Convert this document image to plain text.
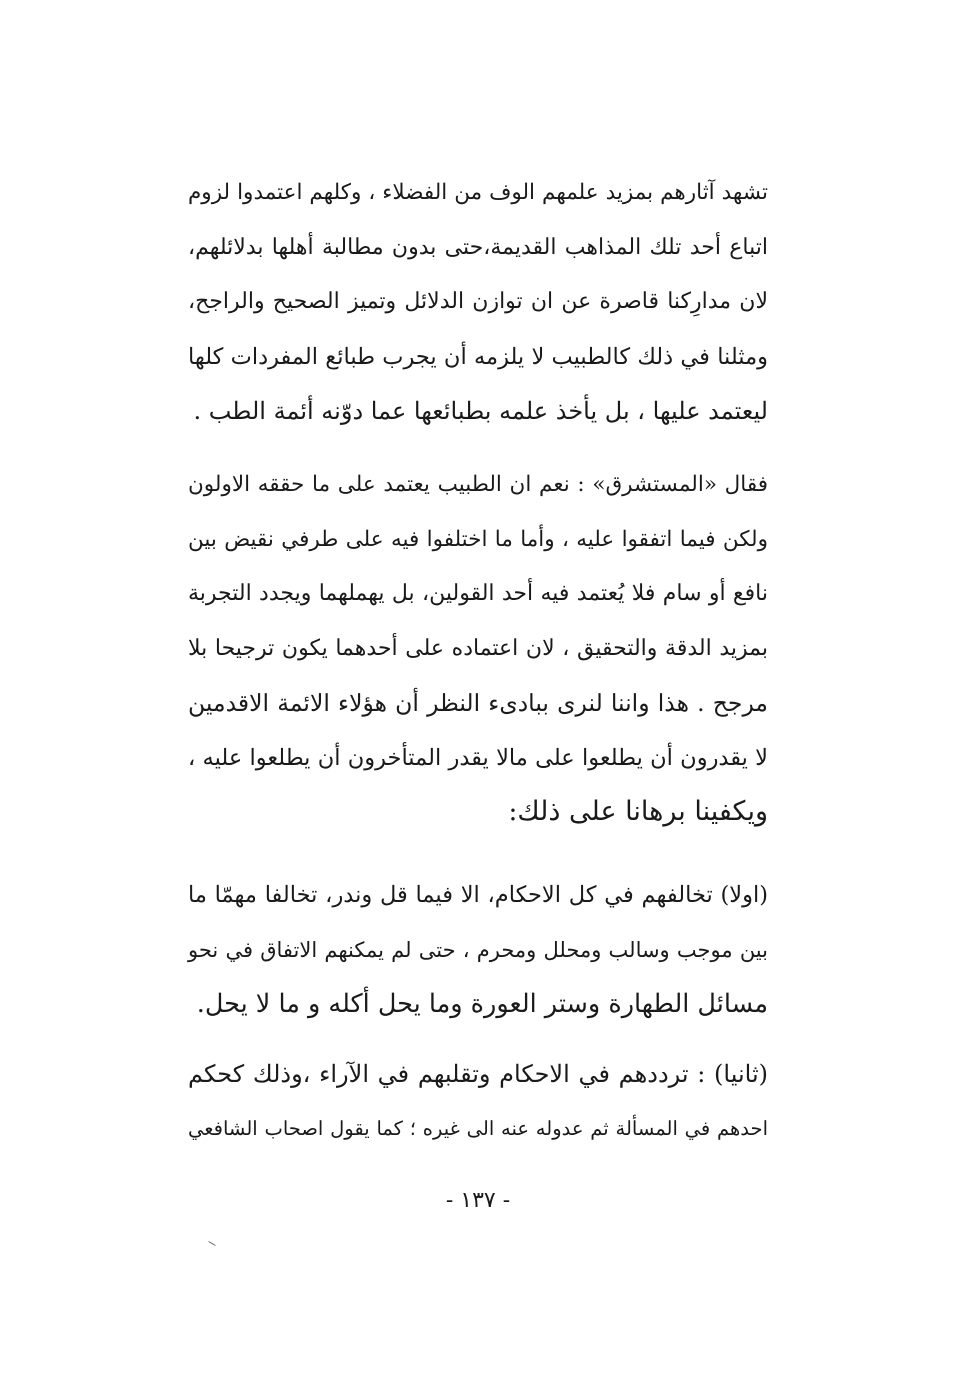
تشهد آثارهم بمزيد علمهم الوف من الفضلاء ، وكلهم اعتمدوا لزوم
اتباع أحد تلك المذاهب القديمة،حتى بدون مطالبة أهلها بدلائلهم،
لان مدارِكنا قاصرة عن ان توازن الدلائل وتميز الصحيح والراجح،
ومثلنا في ذلك كالطبيب لا يلزمه أن يجرب طبائع المفردات كلها
ليعتمد عليها ، بل يأخذ علمه بطبائعها عما دوّنه أئمة الطب .
فقال «المستشرق» : نعم ان الطبيب يعتمد على ما حققه الاولون
ولكن فيما اتفقوا عليه ، وأما ما اختلفوا فيه على طرفي نقيض بين
نافع أو سام فلا يُعتمد فيه أحد القولين، بل يهملهما ويجدد التجربة
بمزيد الدقة والتحقيق ، لان اعتماده على أحدهما يكون ترجيحا بلا
مرجح . هذا واننا لنرى ببادىء النظر أن هؤلاء الائمة الاقدمين
لا يقدرون أن يطلعوا على مالا يقدر المتأخرون أن يطلعوا عليه ،
ويكفينا برهانا على ذلك:
(اولا) تخالفهم في كل الاحكام، الا فيما قل وندر، تخالفا مهمّا ما
بين موجب وسالب ومحلل ومحرم ، حتى لم يمكنهم الاتفاق في نحو
مسائل الطهارة وستر العورة وما يحل أكله و ما لا يحل.
(ثانيا) : ترددهم في الاحكام وتقلبهم في الآراء ،وذلك كحكم
احدهم في المسألة ثم عدوله عنه الى غيره ؛ كما يقول اصحاب الشافعي
- ١٣٧ -
